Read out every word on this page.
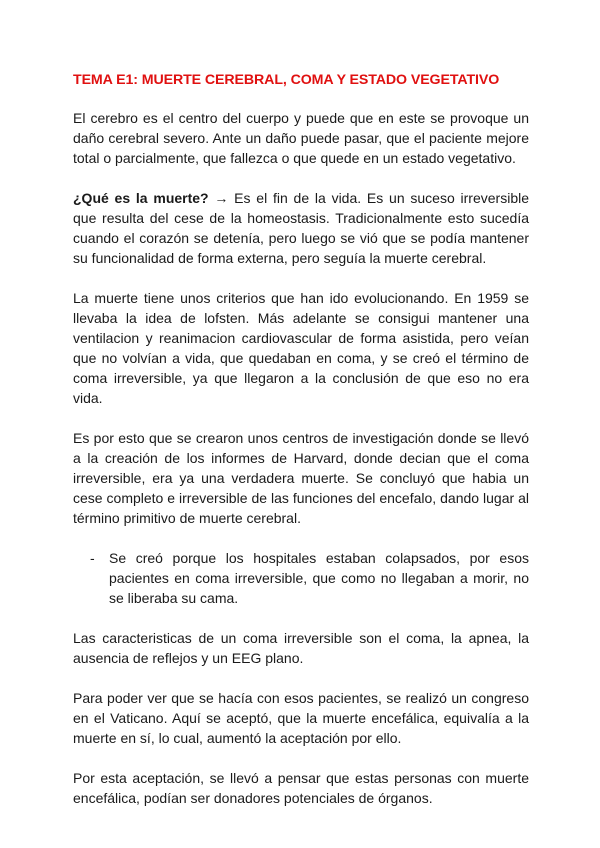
TEMA E1: MUERTE CEREBRAL, COMA Y ESTADO VEGETATIVO

El cerebro es el centro del cuerpo y puede que en este se provoque un daño cerebral severo. Ante un daño puede pasar, que el paciente mejore total o parcialmente, que fallezca o que quede en un estado vegetativo.

¿Qué es la muerte? → Es el fin de la vida. Es un suceso irreversible que resulta del cese de la homeostasis. Tradicionalmente esto sucedía cuando el corazón se detenía, pero luego se vió que se podía mantener su funcionalidad de forma externa, pero seguía la muerte cerebral.

La muerte tiene unos criterios que han ido evolucionando. En 1959 se llevaba la idea de lofsten. Más adelante se consigui mantener una ventilacion y reanimacion cardiovascular de forma asistida, pero veían que no volvían a vida, que quedaban en coma, y se creó el término de coma irreversible, ya que llegaron a la conclusión de que eso no era vida.

Es por esto que se crearon unos centros de investigación donde se llevó a la creación de los informes de Harvard, donde decian que el coma irreversible, era ya una verdadera muerte. Se concluyó que habia un cese completo e irreversible de las funciones del encefalo, dando lugar al término primitivo de muerte cerebral.

- Se creó porque los hospitales estaban colapsados, por esos pacientes en coma irreversible, que como no llegaban a morir, no se liberaba su cama.

Las caracteristicas de un coma irreversible son el coma, la apnea, la ausencia de reflejos y un EEG plano.

Para poder ver que se hacía con esos pacientes, se realizó un congreso en el Vaticano. Aquí se aceptó, que la muerte encefálica, equivalía a la muerte en sí, lo cual, aumentó la aceptación por ello.

Por esta aceptación, se llevó a pensar que estas personas con muerte encefálica, podían ser donadores potenciales de órganos.
